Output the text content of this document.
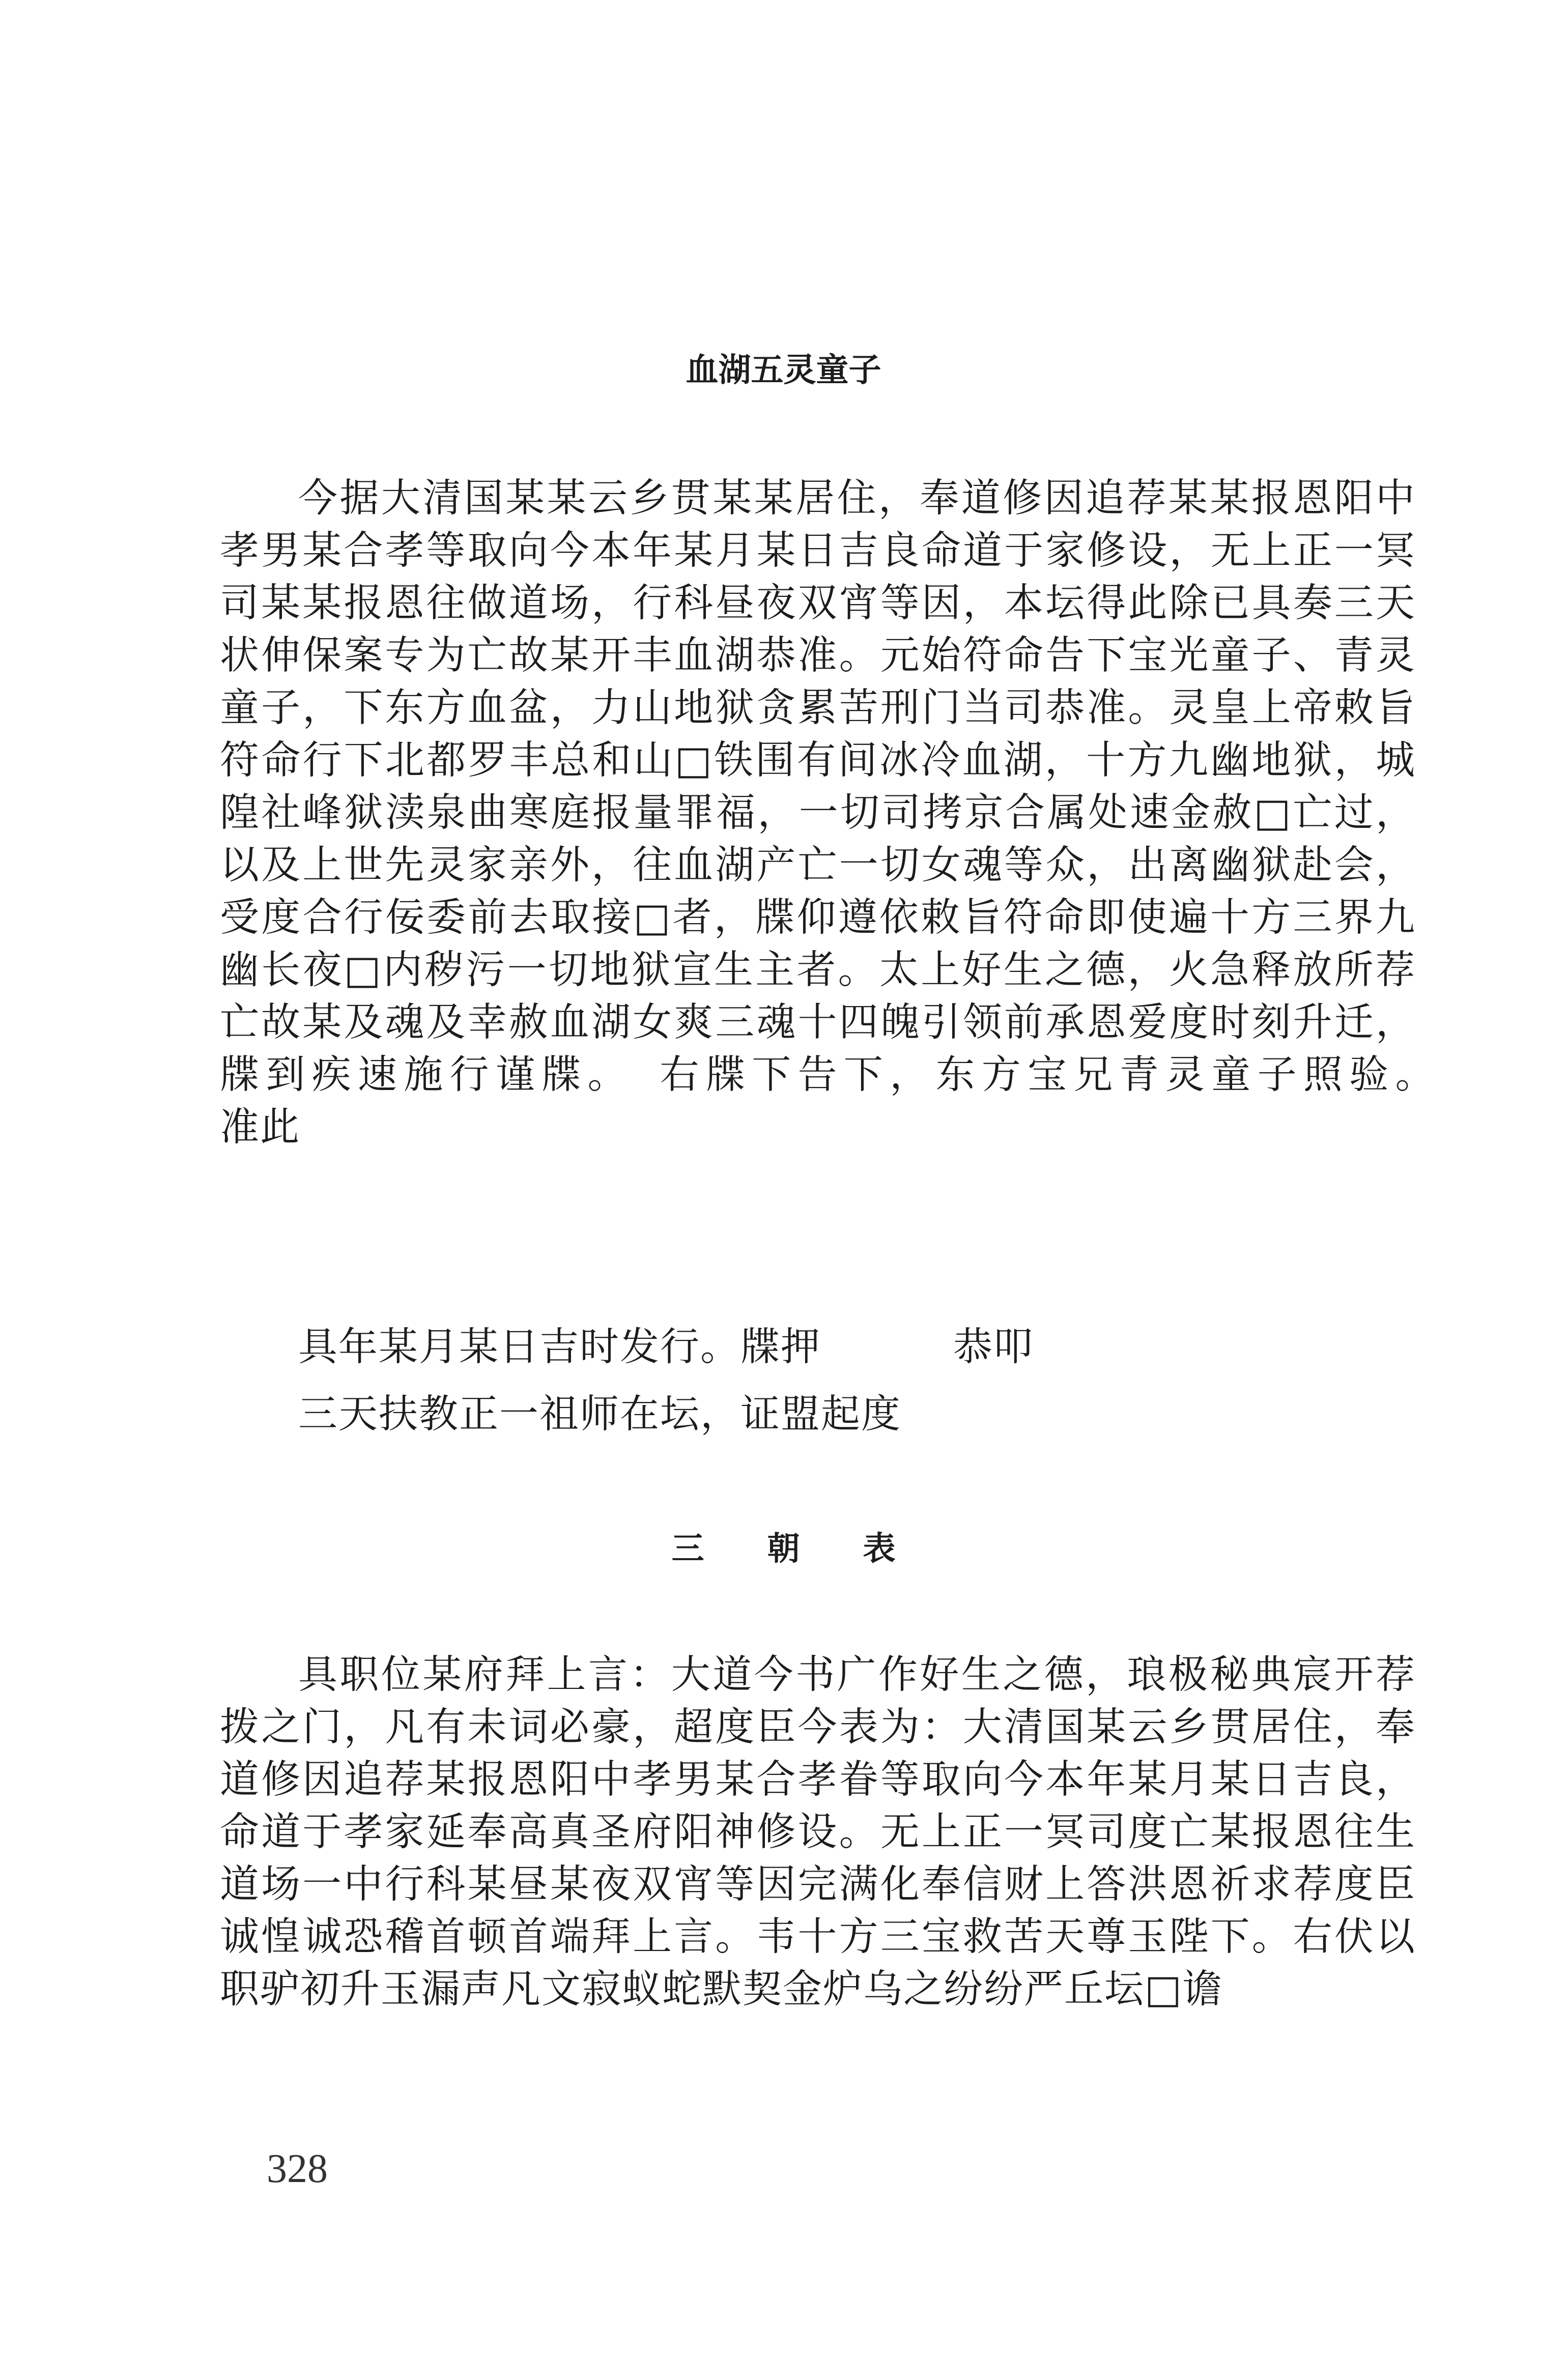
血湖五灵童子

今据大清国某某云乡贯某某居住，奉道修因追荐某某报恩阳中孝男某合孝等取向今本年某月某日吉良命道于家修设，无上正一冥司某某报恩往做道场，行科昼夜双宵等因，本坛得此除已具奏三天状伸保案专为亡故某开丰血湖恭准。元始符命告下宝光童子、青灵童子，下东方血盆，力山地狱贪累苦刑门当司恭准。灵皇上帝敕旨符命行下北都罗丰总和山□铁围有间冰冷血湖，十方九幽地狱，城隍社峰狱渎泉曲寒庭报量罪福，一切司拷京合属处速金赦□亡过，以及上世先灵家亲外，往血湖产亡一切女魂等众，出离幽狱赴会，受度合行佞委前去取接□者，牒仰遵依敕旨符命即使遍十方三界九幽长夜□内秽污一切地狱宣生主者。太上好生之德，火急释放所荐亡故某及魂及幸赦血湖女爽三魂十四魄引领前承恩爱度时刻升迁，牒到疾速施行谨牒。　右牒下告下，东方宝兄青灵童子照验。　　　准此

具年某月某日吉时发行。牒押	恭叩

三天扶教正一祖师在坛，证盟起度

三 朝 表

具职位某府拜上言：大道今书广作好生之德，琅极秘典宸开荐拨之门，凡有未词必豪，超度臣今表为：大清国某云乡贯居住，奉道修因追荐某报恩阳中孝男某合孝眷等取向今本年某月某日吉良，命道于孝家延奉高真圣府阳神修设。无上正一冥司度亡某报恩往生道场一中行科某昼某夜双宵等因完满化奉信财上答洪恩祈求荐度臣诚惶诚恐稽首顿首端拜上言。韦十方三宝救苦天尊玉陛下。右伏以职驴初升玉漏声凡文寂蚁蛇默契金炉乌之纷纷严丘坛□谵

328
